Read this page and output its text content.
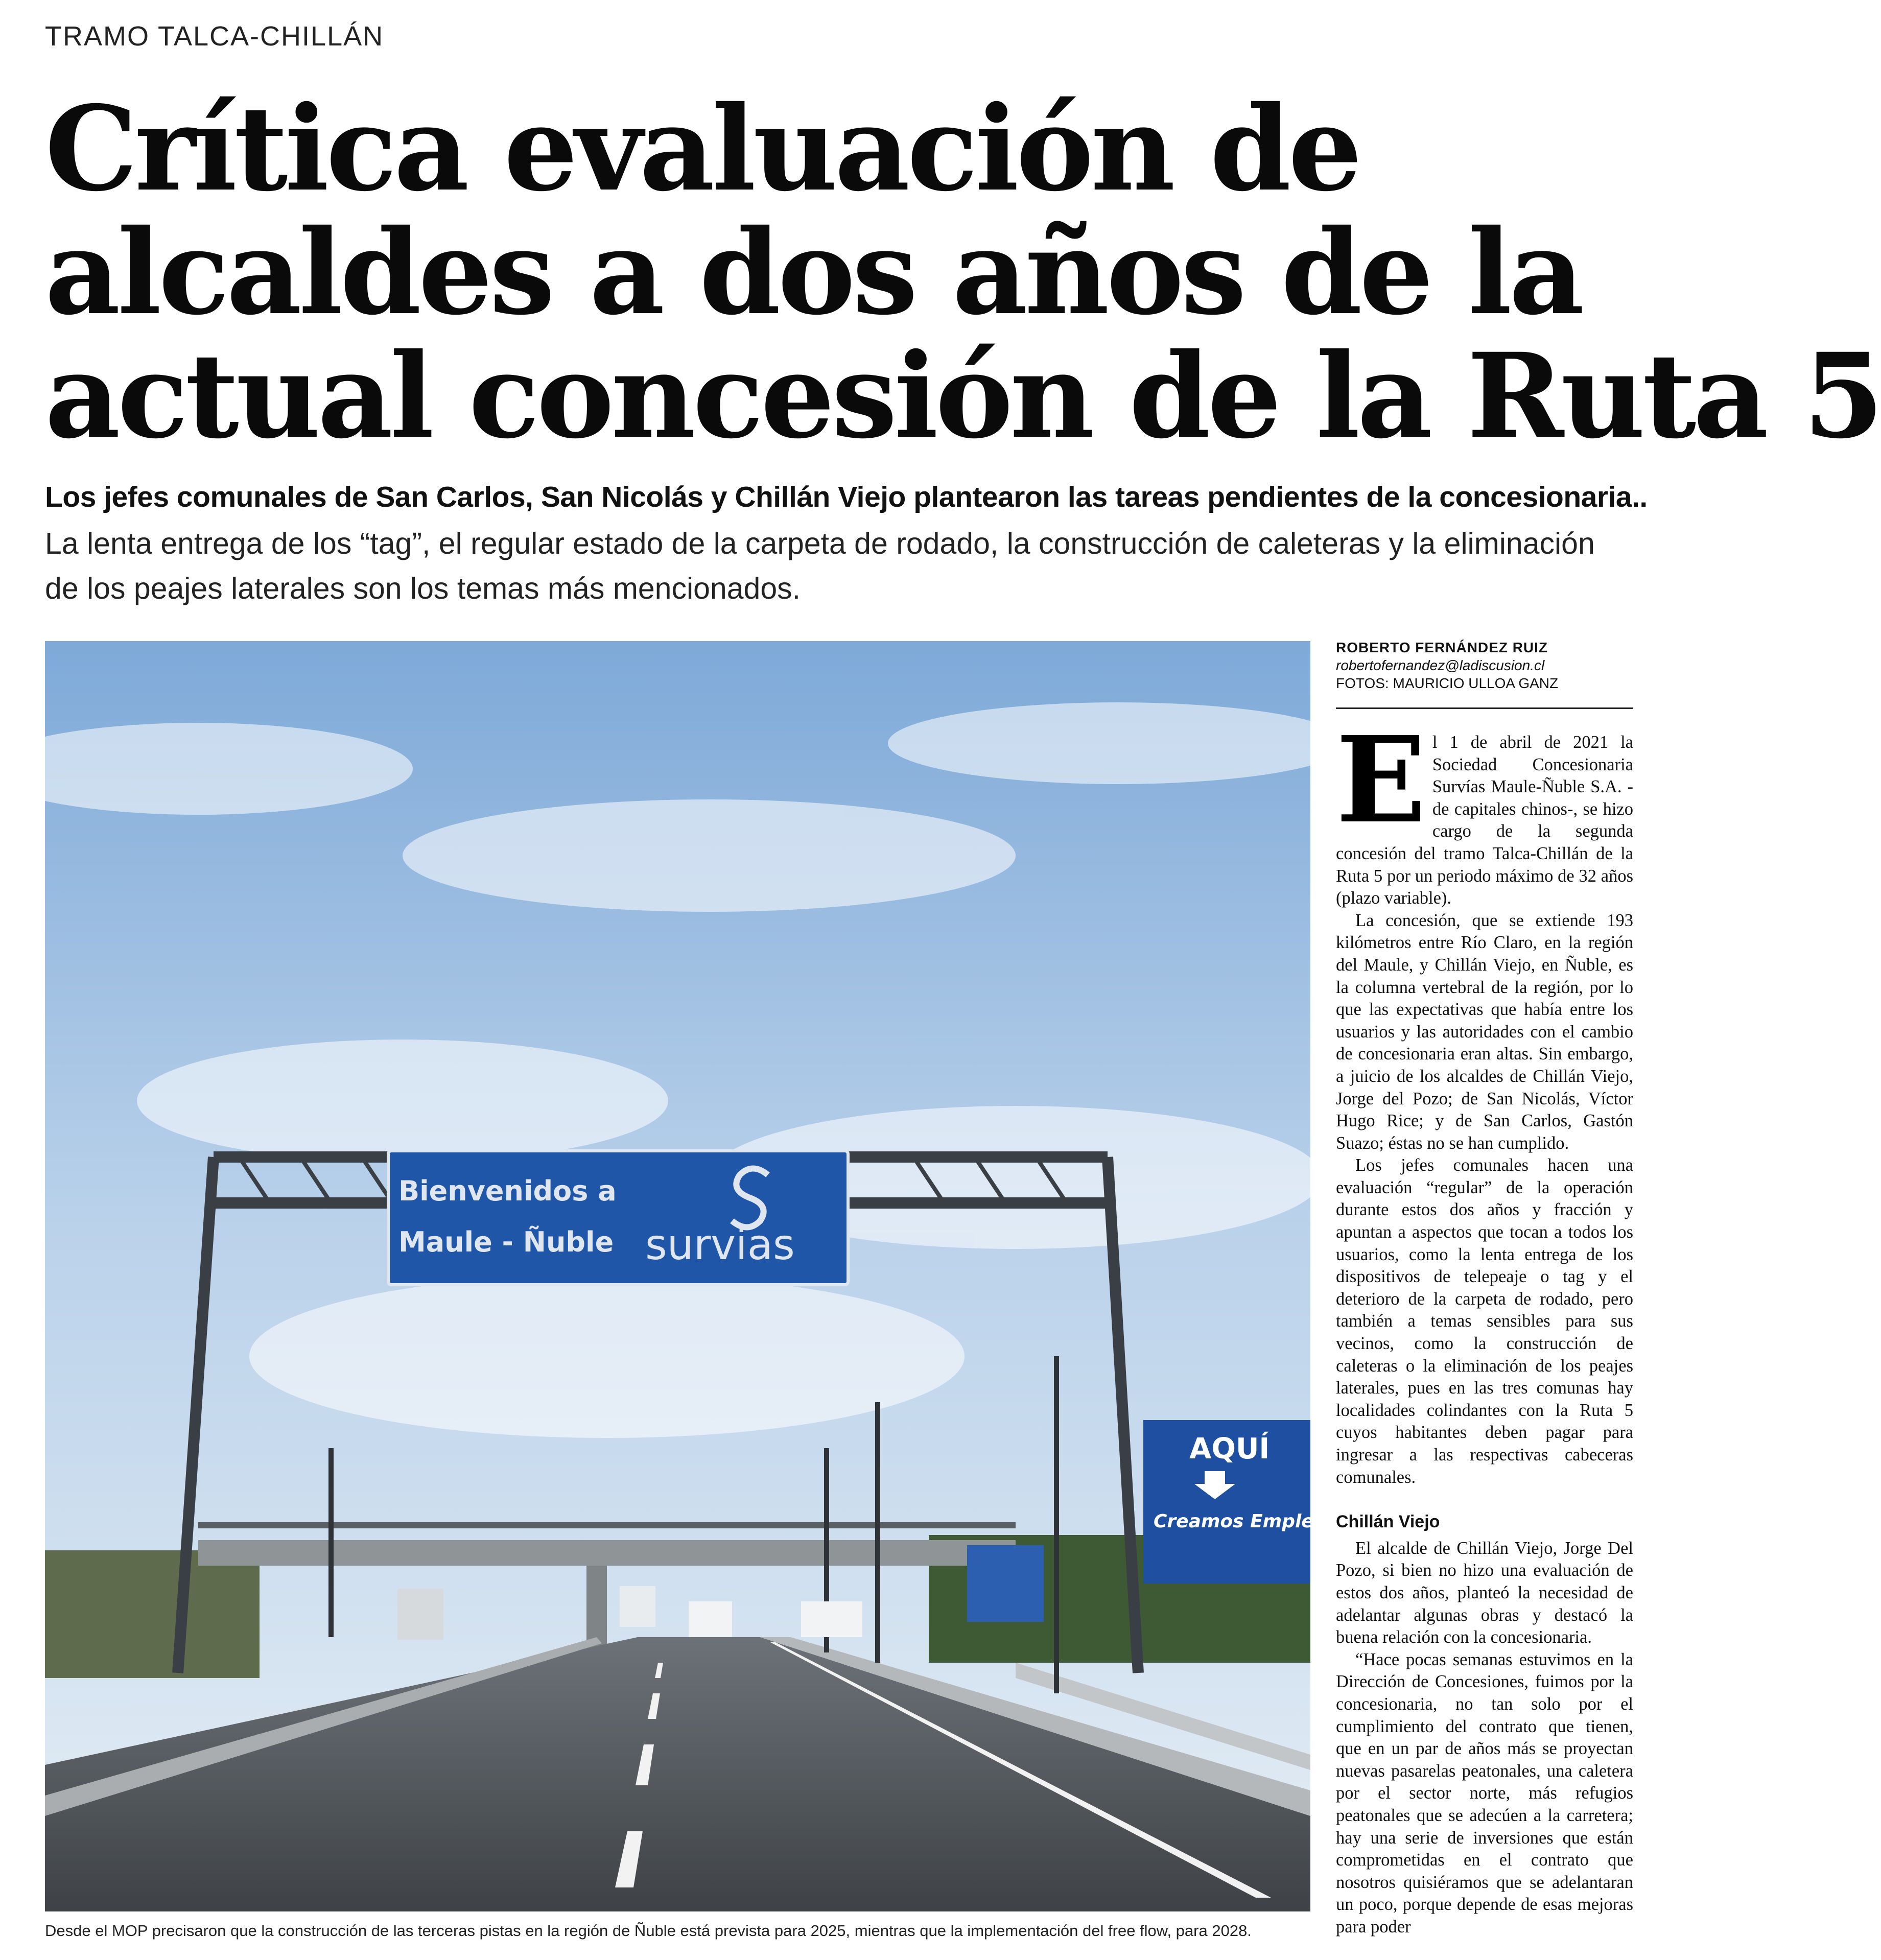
TRAMO TALCA-CHILLÁN
Crítica evaluación de
alcaldes a dos años de la
actual concesión de la Ruta 5
Los jefes comunales de San Carlos, San Nicolás y Chillán Viejo plantearon las tareas pendientes de la concesionaria..
La lenta entrega de los “tag”, el regular estado de la carpeta de rodado, la construcción de caleteras y la eliminación de los peajes laterales son los temas más mencionados.
Bienvenidos a
Maule - Ñuble survias
AQUÍ
Creamos Emple
Desde el MOP precisaron que la construcción de las terceras pistas en la región de Ñuble está prevista para 2025, mientras que la implementación del free flow, para 2028.
ROBERTO FERNÁNDEZ RUIZ
robertofernandez@ladiscusion.cl
FOTOS: MAURICIO ULLOA GANZ

El 1 de abril de 2021 la Sociedad Concesionaria Survías Maule-Ñuble S.A. -de capitales chinos-, se hizo cargo de la segunda concesión del tramo Talca-Chillán de la Ruta 5 por un periodo máximo de 32 años (plazo variable).

La concesión, que se extiende 193 kilómetros entre Río Claro, en la región del Maule, y Chillán Viejo, en Ñuble, es la columna vertebral de la región, por lo que las expectativas que había entre los usuarios y las autoridades con el cambio de concesionaria eran altas. Sin embargo, a juicio de los alcaldes de Chillán Viejo, Jorge del Pozo; de San Nicolás, Víctor Hugo Rice; y de San Carlos, Gastón Suazo; éstas no se han cumplido.

Los jefes comunales hacen una evaluación “regular” de la operación durante estos dos años y fracción y apuntan a aspectos que tocan a todos los usuarios, como la lenta entrega de los dispositivos de telepeaje o tag y el deterioro de la carpeta de rodado, pero también a temas sensibles para sus vecinos, como la construcción de caleteras o la eliminación de los peajes laterales, pues en las tres comunas hay localidades colindantes con la Ruta 5 cuyos habitantes deben pagar para ingresar a las respectivas cabeceras comunales.

Chillán Viejo

El alcalde de Chillán Viejo, Jorge Del Pozo, si bien no hizo una evaluación de estos dos años, planteó la necesidad de adelantar algunas obras y destacó la buena relación con la concesionaria.

“Hace pocas semanas estuvimos en la Dirección de Concesiones, fuimos por la concesionaria, no tan solo por el cumplimiento del contrato que tienen, que en un par de años más se proyectan nuevas pasarelas peatonales, una caletera por el sector norte, más refugios peatonales que se adecúen a la carretera; hay una serie de inversiones que están comprometidas en el contrato que nosotros quisiéramos que se adelantaran un poco, porque depende de esas mejoras para poder
